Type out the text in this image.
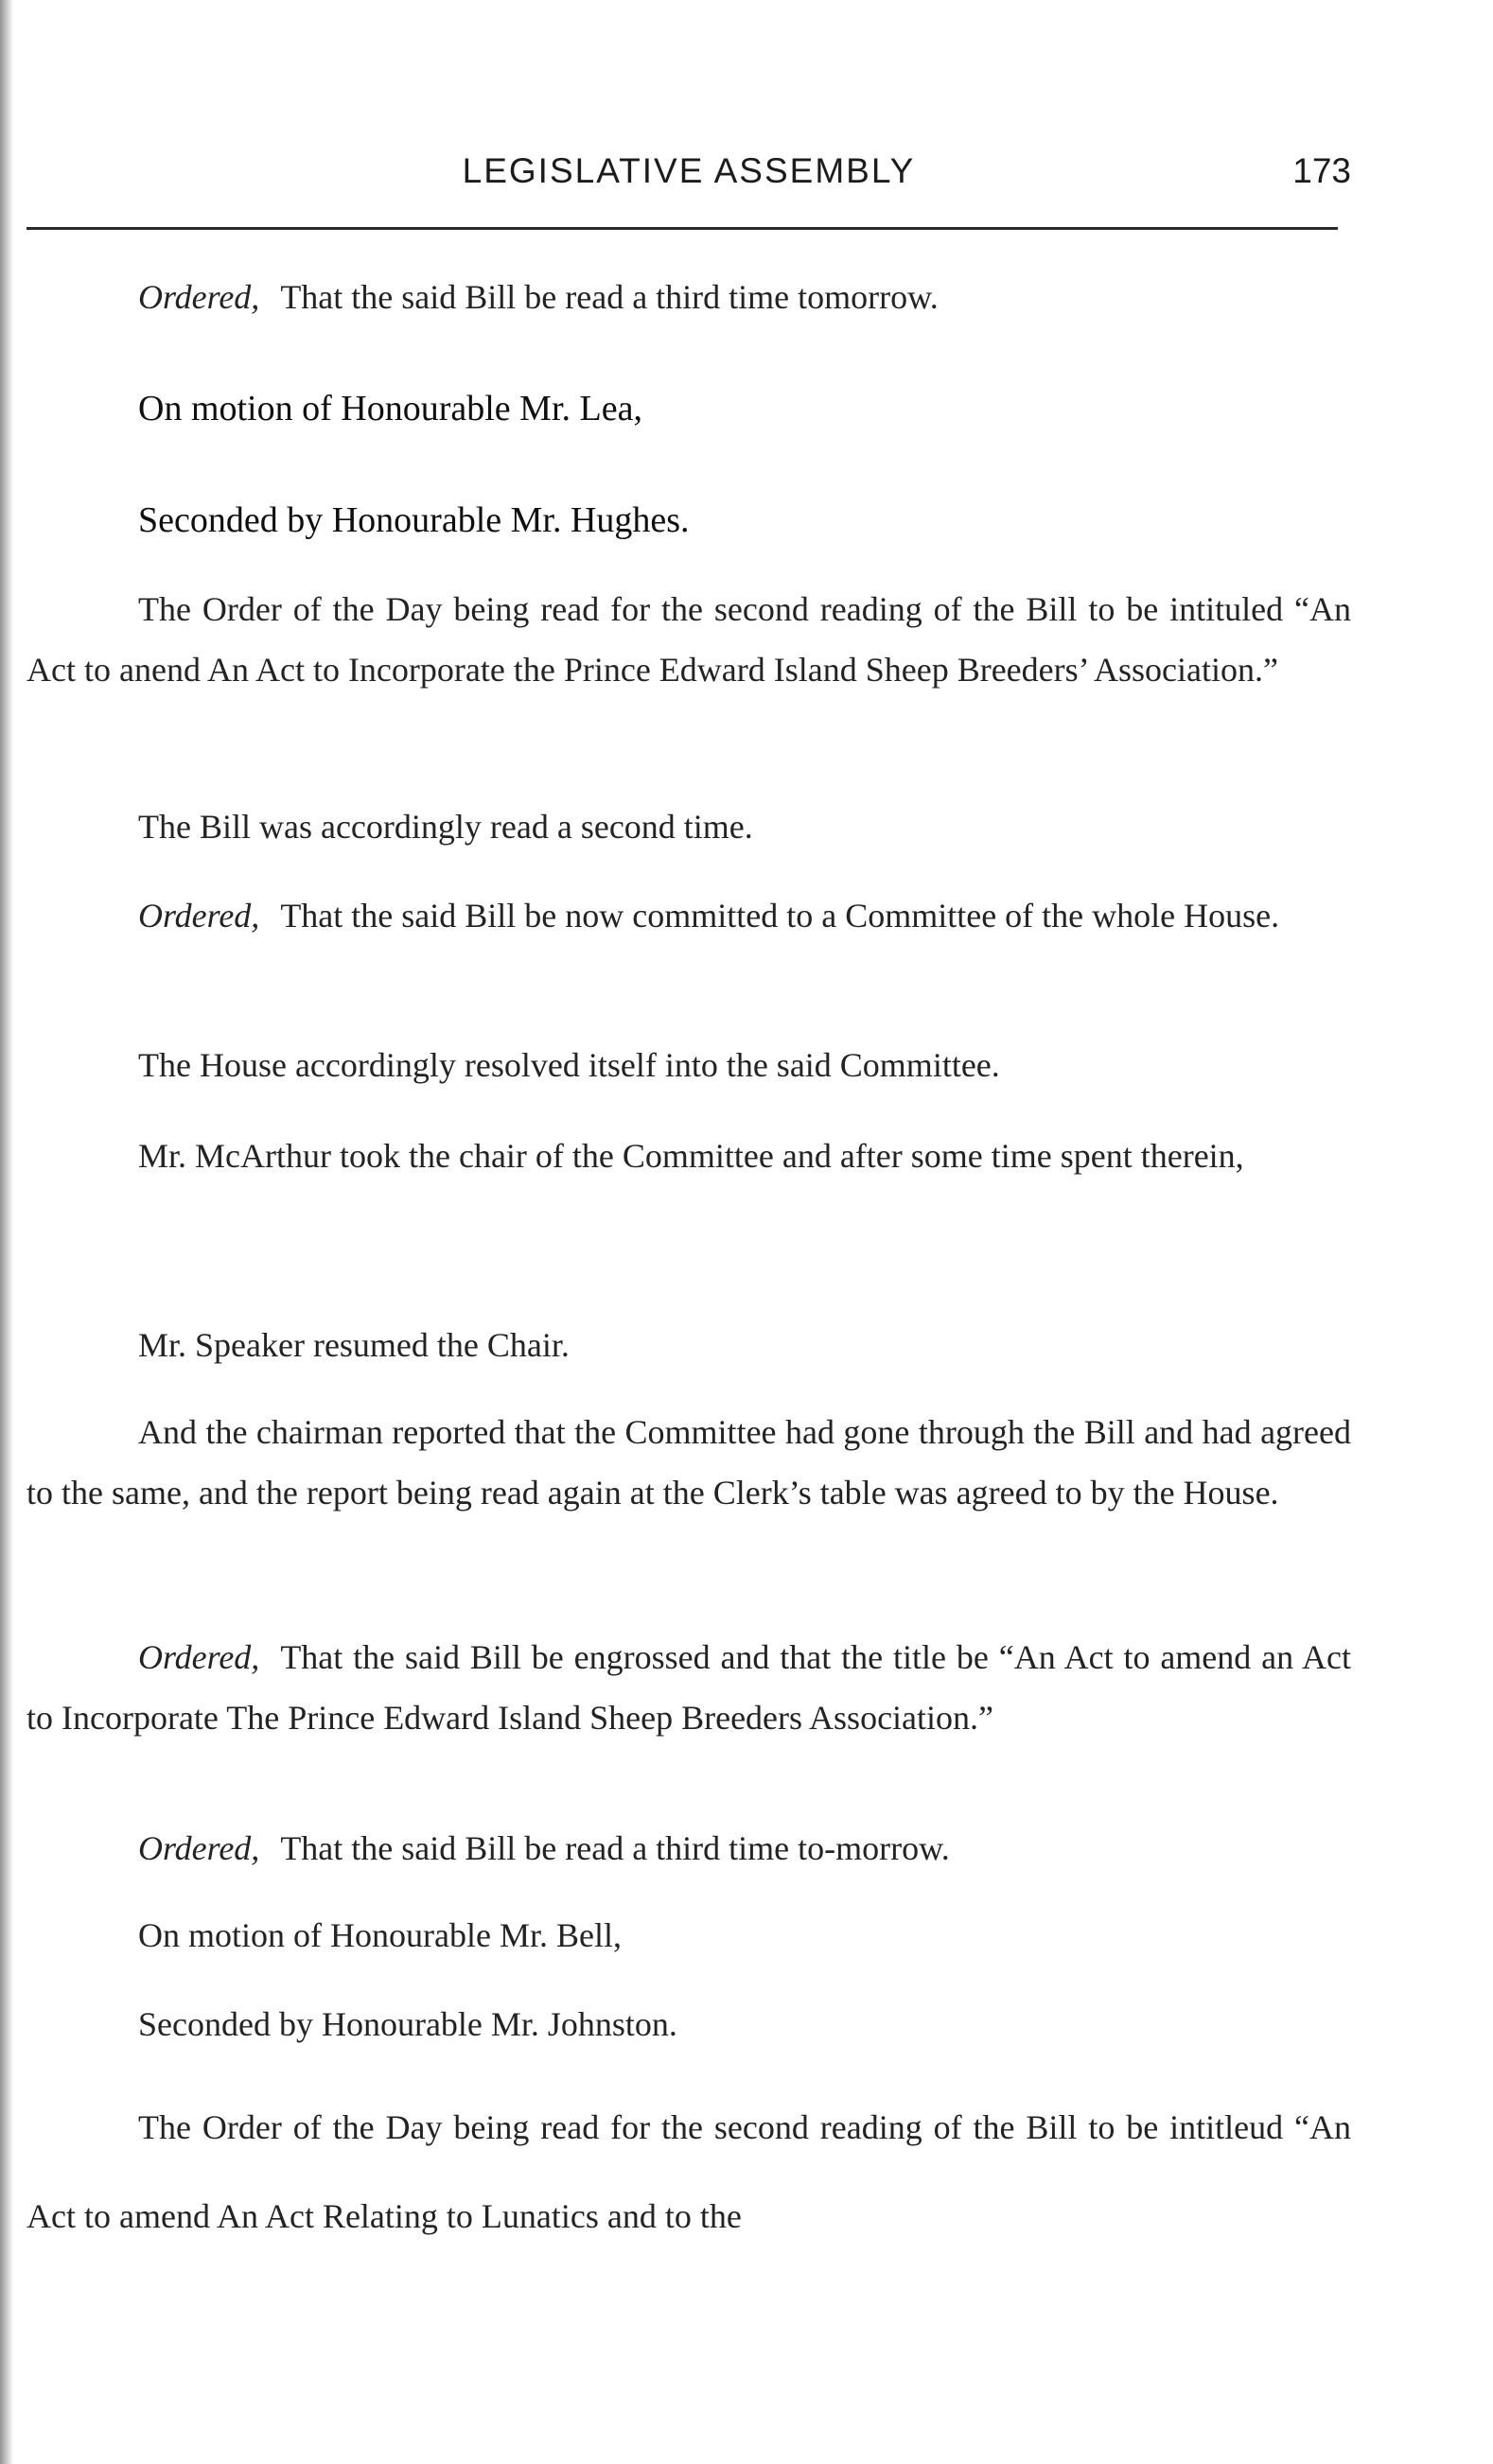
LEGISLATIVE ASSEMBLY	173

Ordered, That the said Bill be read a third time tomorrow.

On motion of Honourable Mr. Lea,

Seconded by Honourable Mr. Hughes.

The Order of the Day being read for the second reading of the Bill to be intituled “An Act to anend An Act to Incorporate the Prince Edward Island Sheep Breeders’ Association.”

The Bill was accordingly read a second time.

Ordered, That the said Bill be now committed to a Committee of the whole House.

The House accordingly resolved itself into the said Committee.

Mr. McArthur took the chair of the Committee and after some time spent therein,

Mr. Speaker resumed the Chair.

And the chairman reported that the Committee had gone through the Bill and had agreed to the same, and the report being read again at the Clerk’s table was agreed to by the House.

Ordered, That the said Bill be engrossed and that the title be “An Act to amend an Act to Incorporate The Prince Edward Island Sheep Breeders Association.”

Ordered, That the said Bill be read a third time to-morrow.

On motion of Honourable Mr. Bell,

Seconded by Honourable Mr. Johnston.

The Order of the Day being read for the second reading of the Bill to be intitleud “An Act to amend An Act Relating to Lunatics and to the
